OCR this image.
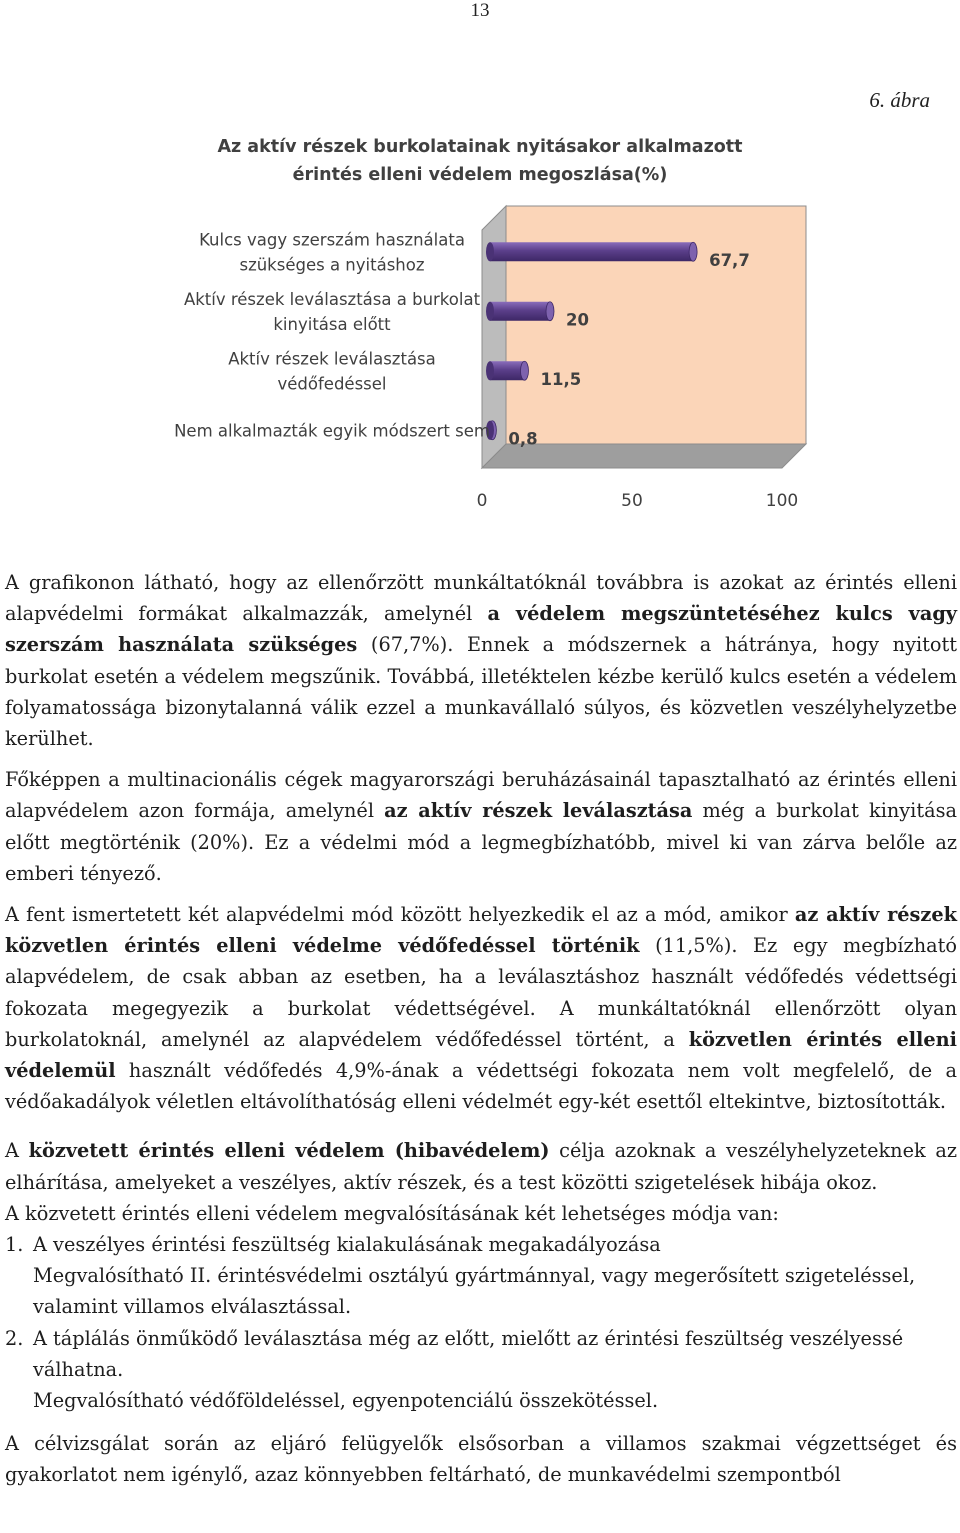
13
6. ábra
Az aktív részek burkolatainak nyitásakor alkalmazott
érintés elleni védelem megoszlása(%)
Kulcs vagy szerszám használata szükséges a nyitáshoz
Aktív részek leválasztása a burkolat kinyitása előtt
Aktív részek leválasztása védőfedéssel
Nem alkalmazták egyik módszert sem
67,7
20
11,5
0,8
0	50	100

A grafikonon látható, hogy az ellenőrzött munkáltatóknál továbbra is azokat az érintés elleni alapvédelmi formákat alkalmazzák, amelynél a védelem megszüntetéséhez kulcs vagy szerszám használata szükséges (67,7%). Ennek a módszernek a hátránya, hogy nyitott burkolat esetén a védelem megszűnik. Továbbá, illetéktelen kézbe kerülő kulcs esetén a védelem folyamatossága bizonytalanná válik ezzel a munkavállaló súlyos, és közvetlen veszélyhelyzetbe kerülhet.

Főképpen a multinacionális cégek magyarországi beruházásainál tapasztalható az érintés elleni alapvédelem azon formája, amelynél az aktív részek leválasztása még a burkolat kinyitása előtt megtörténik (20%). Ez a védelmi mód a legmegbízhatóbb, mivel ki van zárva belőle az emberi tényező.

A fent ismertetett két alapvédelmi mód között helyezkedik el az a mód, amikor az aktív részek közvetlen érintés elleni védelme védőfedéssel történik (11,5%). Ez egy megbízható alapvédelem, de csak abban az esetben, ha a leválasztáshoz használt védőfedés védettségi fokozata megegyezik a burkolat védettségével. A munkáltatóknál ellenőrzött olyan burkolatoknál, amelynél az alapvédelem védőfedéssel történt, a közvetlen érintés elleni védelemül használt védőfedés 4,9%-ának a védettségi fokozata nem volt megfelelő, de a védőakadályok véletlen eltávolíthatóság elleni védelmét egy-két esettől eltekintve, biztosították.

A közvetett érintés elleni védelem (hibavédelem) célja azoknak a veszélyhelyzeteknek az elhárítása, amelyeket a veszélyes, aktív részek, és a test közötti szigetelések hibája okoz.

A közvetett érintés elleni védelem megvalósításának két lehetséges módja van:

1. A veszélyes érintési feszültség kialakulásának megakadályozása
Megvalósítható II. érintésvédelmi osztályú gyártmánnyal, vagy megerősített szigeteléssel, valamint villamos elválasztással.
2. A táplálás önműködő leválasztása még az előtt, mielőtt az érintési feszültség veszélyessé válhatna.
Megvalósítható védőföldeléssel, egyenpotenciálú összekötéssel.

A célvizsgálat során az eljáró felügyelők elsősorban a villamos szakmai végzettséget és gyakorlatot nem igénylő, azaz könnyebben feltárható, de munkavédelmi szempontból
